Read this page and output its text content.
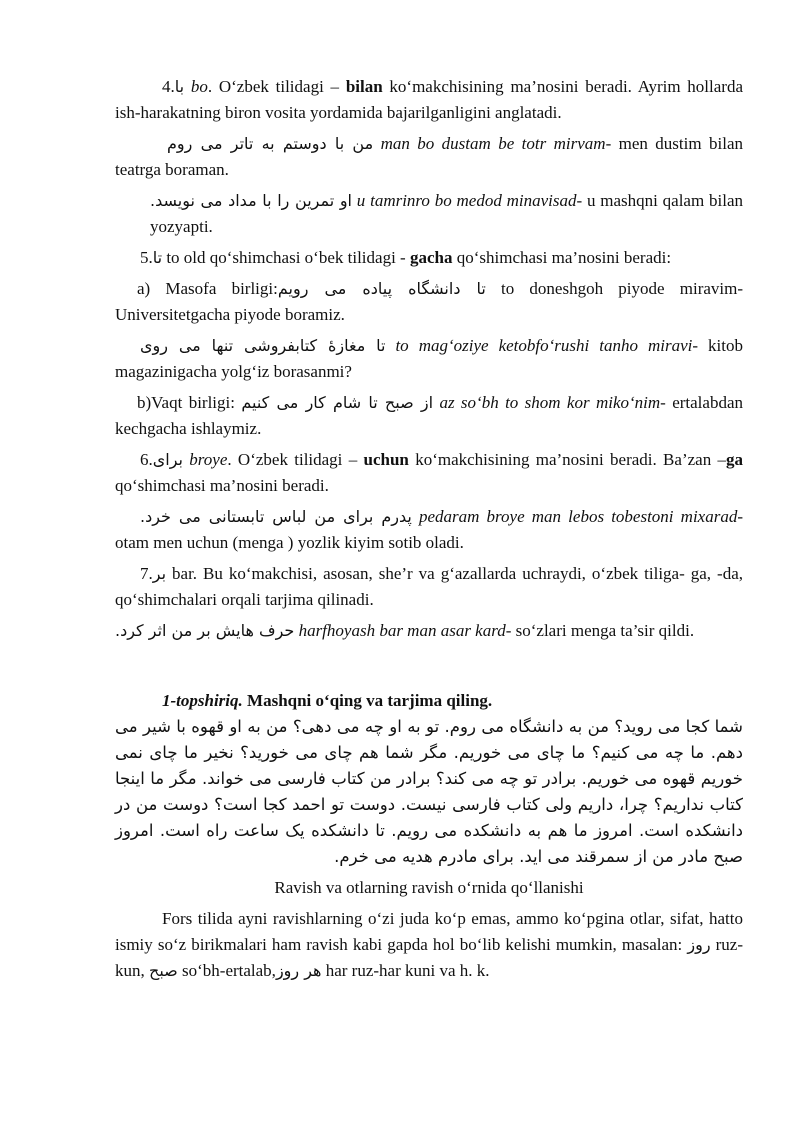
4.با bo. O‘zbek tilidagi – bilan ko‘makchisining ma’nosini beradi. Ayrim hollarda ish-harakatning biron vosita yordamida bajarilganligini anglatadi.

من با دوستم به تاتر می روم man bo dustam be totr mirvam- men dustim bilan teatrga boraman.

او تمرین را با مداد می نویسد. u tamrinro bo medod minavisad- u mashqni qalam bilan yozyapti.

5.تا to old qo‘shimchasi o‘bek tilidagi - gacha qo‘shimchasi ma’nosini beradi:

a) Masofa birligi:تا دانشگاه پیاده می رویم to doneshgoh piyode miravim- Universitetgacha piyode boramiz.

تا مغازهٔ کتابفروشی تنها می روی to mag‘oziye ketobfo‘rushi tanho miravi- kitob magazinigacha yolg‘iz borasanmi?

b)Vaqt birligi: از صبح تا شام کار می کنیم az so‘bh to shom kor miko‘nim- ertalabdan kechgacha ishlaymiz.

6.برای broye. O‘zbek tilidagi – uchun ko‘makchisining ma’nosini beradi. Ba’zan –ga qo‘shimchasi ma’nosini beradi.

پدرم برای من لباس تابستانی می خرد. pedaram broye man lebos tobestoni mixarad- otam men uchun (menga ) yozlik kiyim sotib oladi.

7.بر bar. Bu ko‘makchisi, asosan, she’r va g‘azallarda uchraydi, o‘zbek tiliga- ga, -da, qo‘shimchalari orqali tarjima qilinadi.

حرف هایش بر من اثر کرد. harfhoyash bar man asar kard- so‘zlari menga ta’sir qildi.

1-topshiriq. Mashqni o‘qing va tarjima qiling.

شما کجا می روید؟ من به دانشگاه می روم. تو به او چه می دهی؟ من به او قهوه با شیر می دهم. ما چه می کنیم؟ ما چای می خوریم. مگر شما هم چای می خورید؟ نخیر ما چای نمی خوریم قهوه می خوریم. برادر تو چه می کند؟ برادر من کتاب فارسی می خواند. مگر ما اینجا کتاب نداریم؟ چرا، داریم ولی کتاب فارسی نیست. دوست تو احمد کجا است؟ دوست من در دانشکده است. امروز ما هم به دانشکده می رویم. تا دانشکده یک ساعت راه است. امروز صبح مادر من از سمرقند می اید. برای مادرم هدیه می خرم.

Ravish va otlarning ravish o‘rnida qo‘llanishi

Fors tilida ayni ravishlarning o‘zi juda ko‘p emas, ammo ko‘pgina otlar, sifat, hatto ismiy so‘z birikmalari ham ravish kabi gapda hol bo‘lib kelishi mumkin, masalan: روز ruz-kun, صبح so‘bh-ertalab,هر روز har ruz-har kuni va h. k.
